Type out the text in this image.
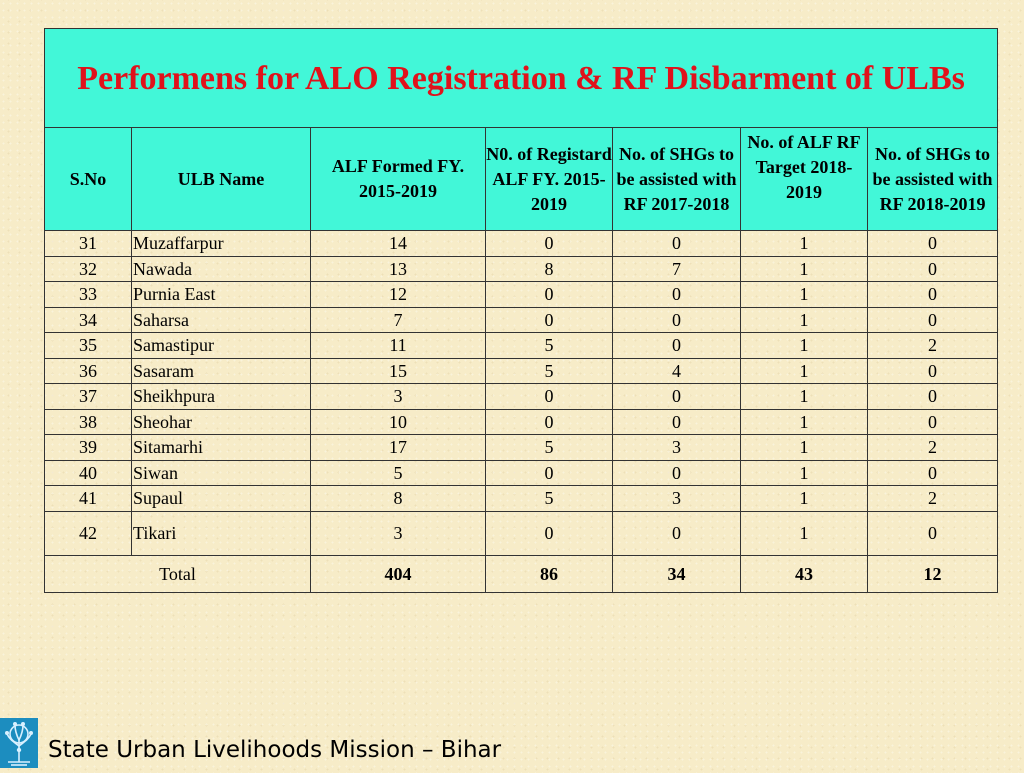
Performens for ALO Registration & RF Disbarment of ULBs						
S.No	ULB Name	ALF Formed FY. 2015-2019	N0. of Registard ALF FY. 2015-2019	No. of SHGs to be assisted with RF 2017-2018	No. of ALF RF Target 2018-2019	No. of SHGs to be assisted with RF 2018-2019
31	Muzaffarpur	14	0	0	1	0
32	Nawada	13	8	7	1	0
33	Purnia East	12	0	0	1	0
34	Saharsa	7	0	0	1	0
35	Samastipur	11	5	0	1	2
36	Sasaram	15	5	4	1	0
37	Sheikhpura	3	0	0	1	0
38	Sheohar	10	0	0	1	0
39	Sitamarhi	17	5	3	1	2
40	Siwan	5	0	0	1	0
41	Supaul	8	5	3	1	2
42	Tikari	3	0	0	1	0
Total		404	86	34	43	12
State Urban Livelihoods Mission – Bihar
